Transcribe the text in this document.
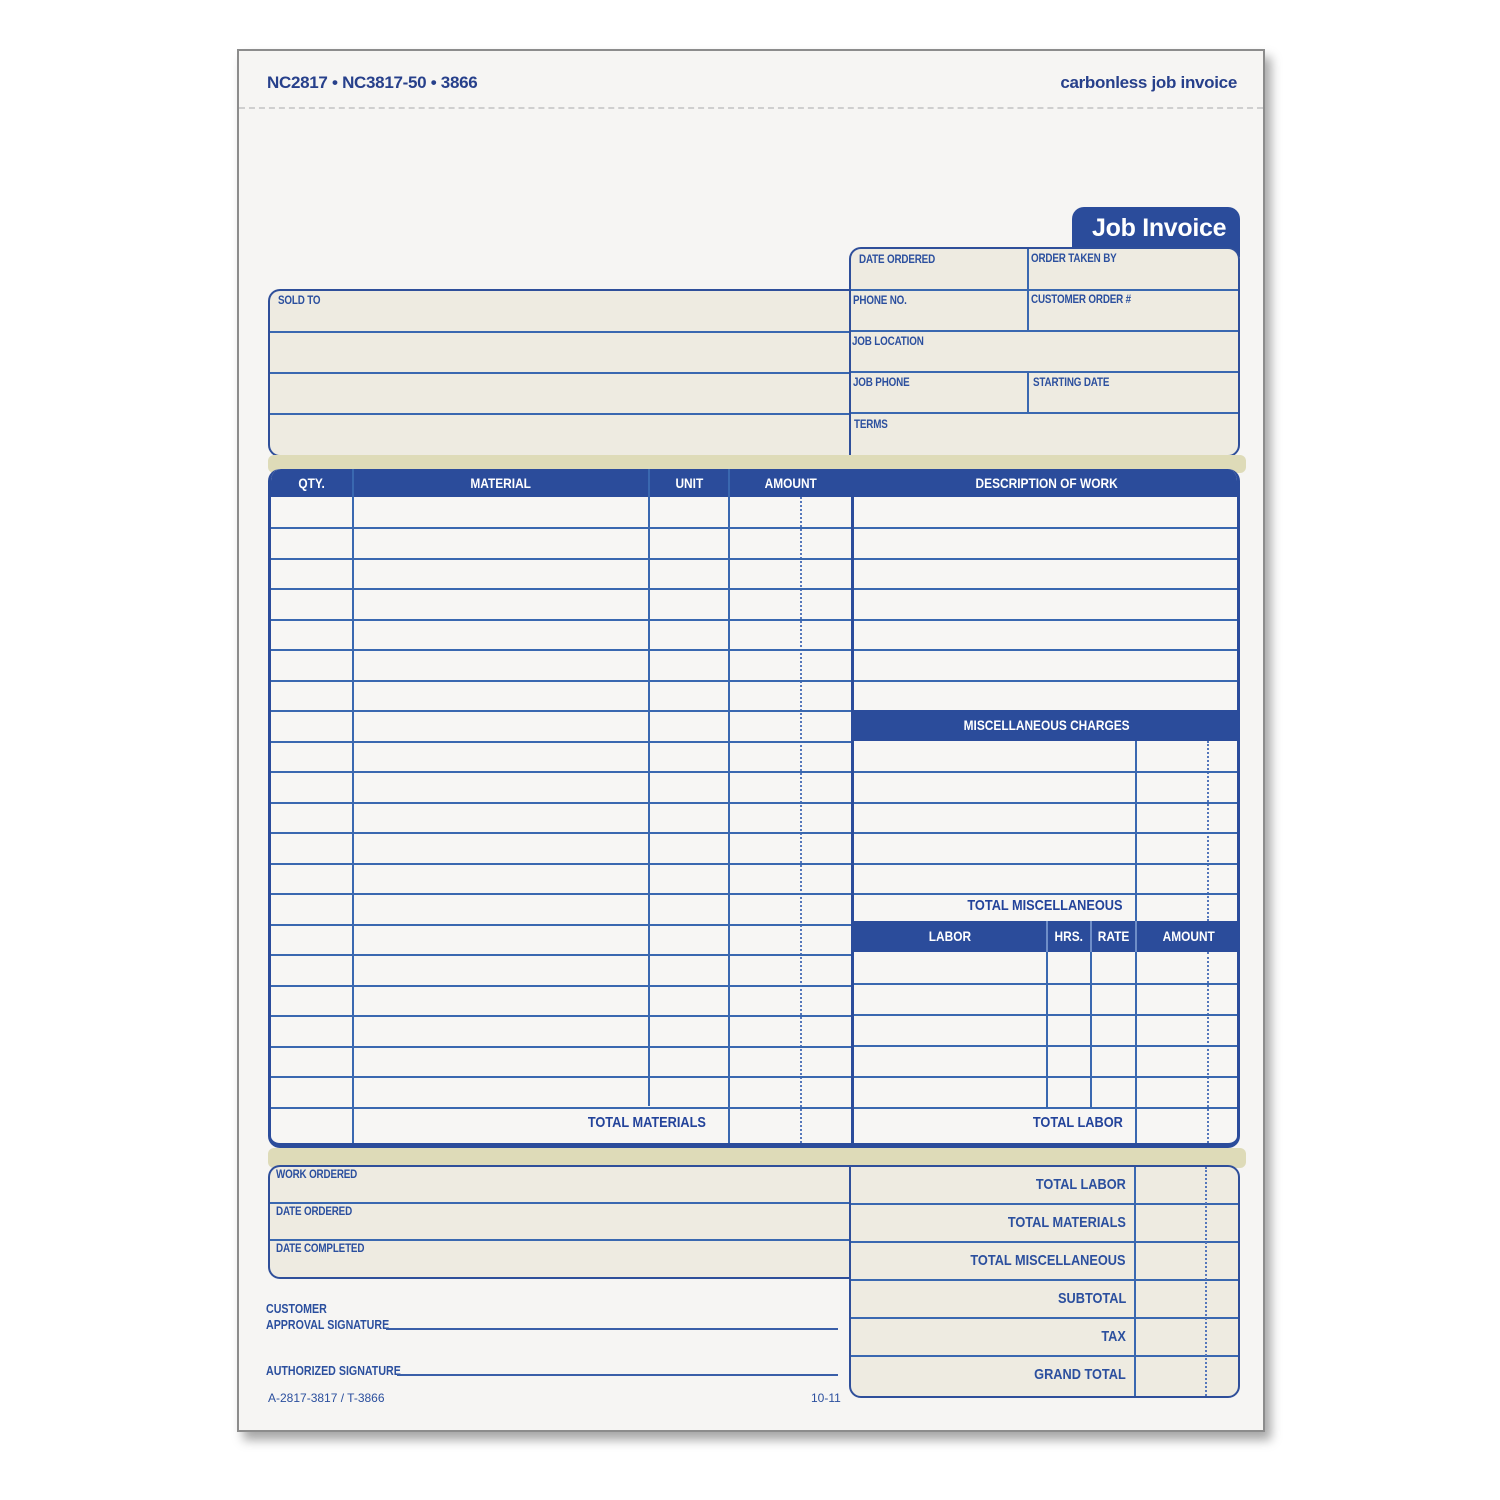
NC2817 • NC3817-50 • 3866	carbonless job invoice
Job Invoice
SOLD TO
DATE ORDERED	ORDER TAKEN BY
PHONE NO.	CUSTOMER ORDER #
JOB LOCATION
JOB PHONE	STARTING DATE
TERMS
QTY.	MATERIAL	UNIT	AMOUNT	DESCRIPTION OF WORK
TOTAL MATERIALS
MISCELLANEOUS CHARGES
TOTAL MISCELLANEOUS
LABOR	HRS.	RATE	AMOUNT
TOTAL LABOR
WORK ORDERED
DATE ORDERED
DATE COMPLETED
TOTAL LABOR
TOTAL MATERIALS
TOTAL MISCELLANEOUS
SUBTOTAL
TAX
GRAND TOTAL
CUSTOMER
APPROVAL SIGNATURE
AUTHORIZED SIGNATURE
A-2817-3817 / T-3866	10-11
